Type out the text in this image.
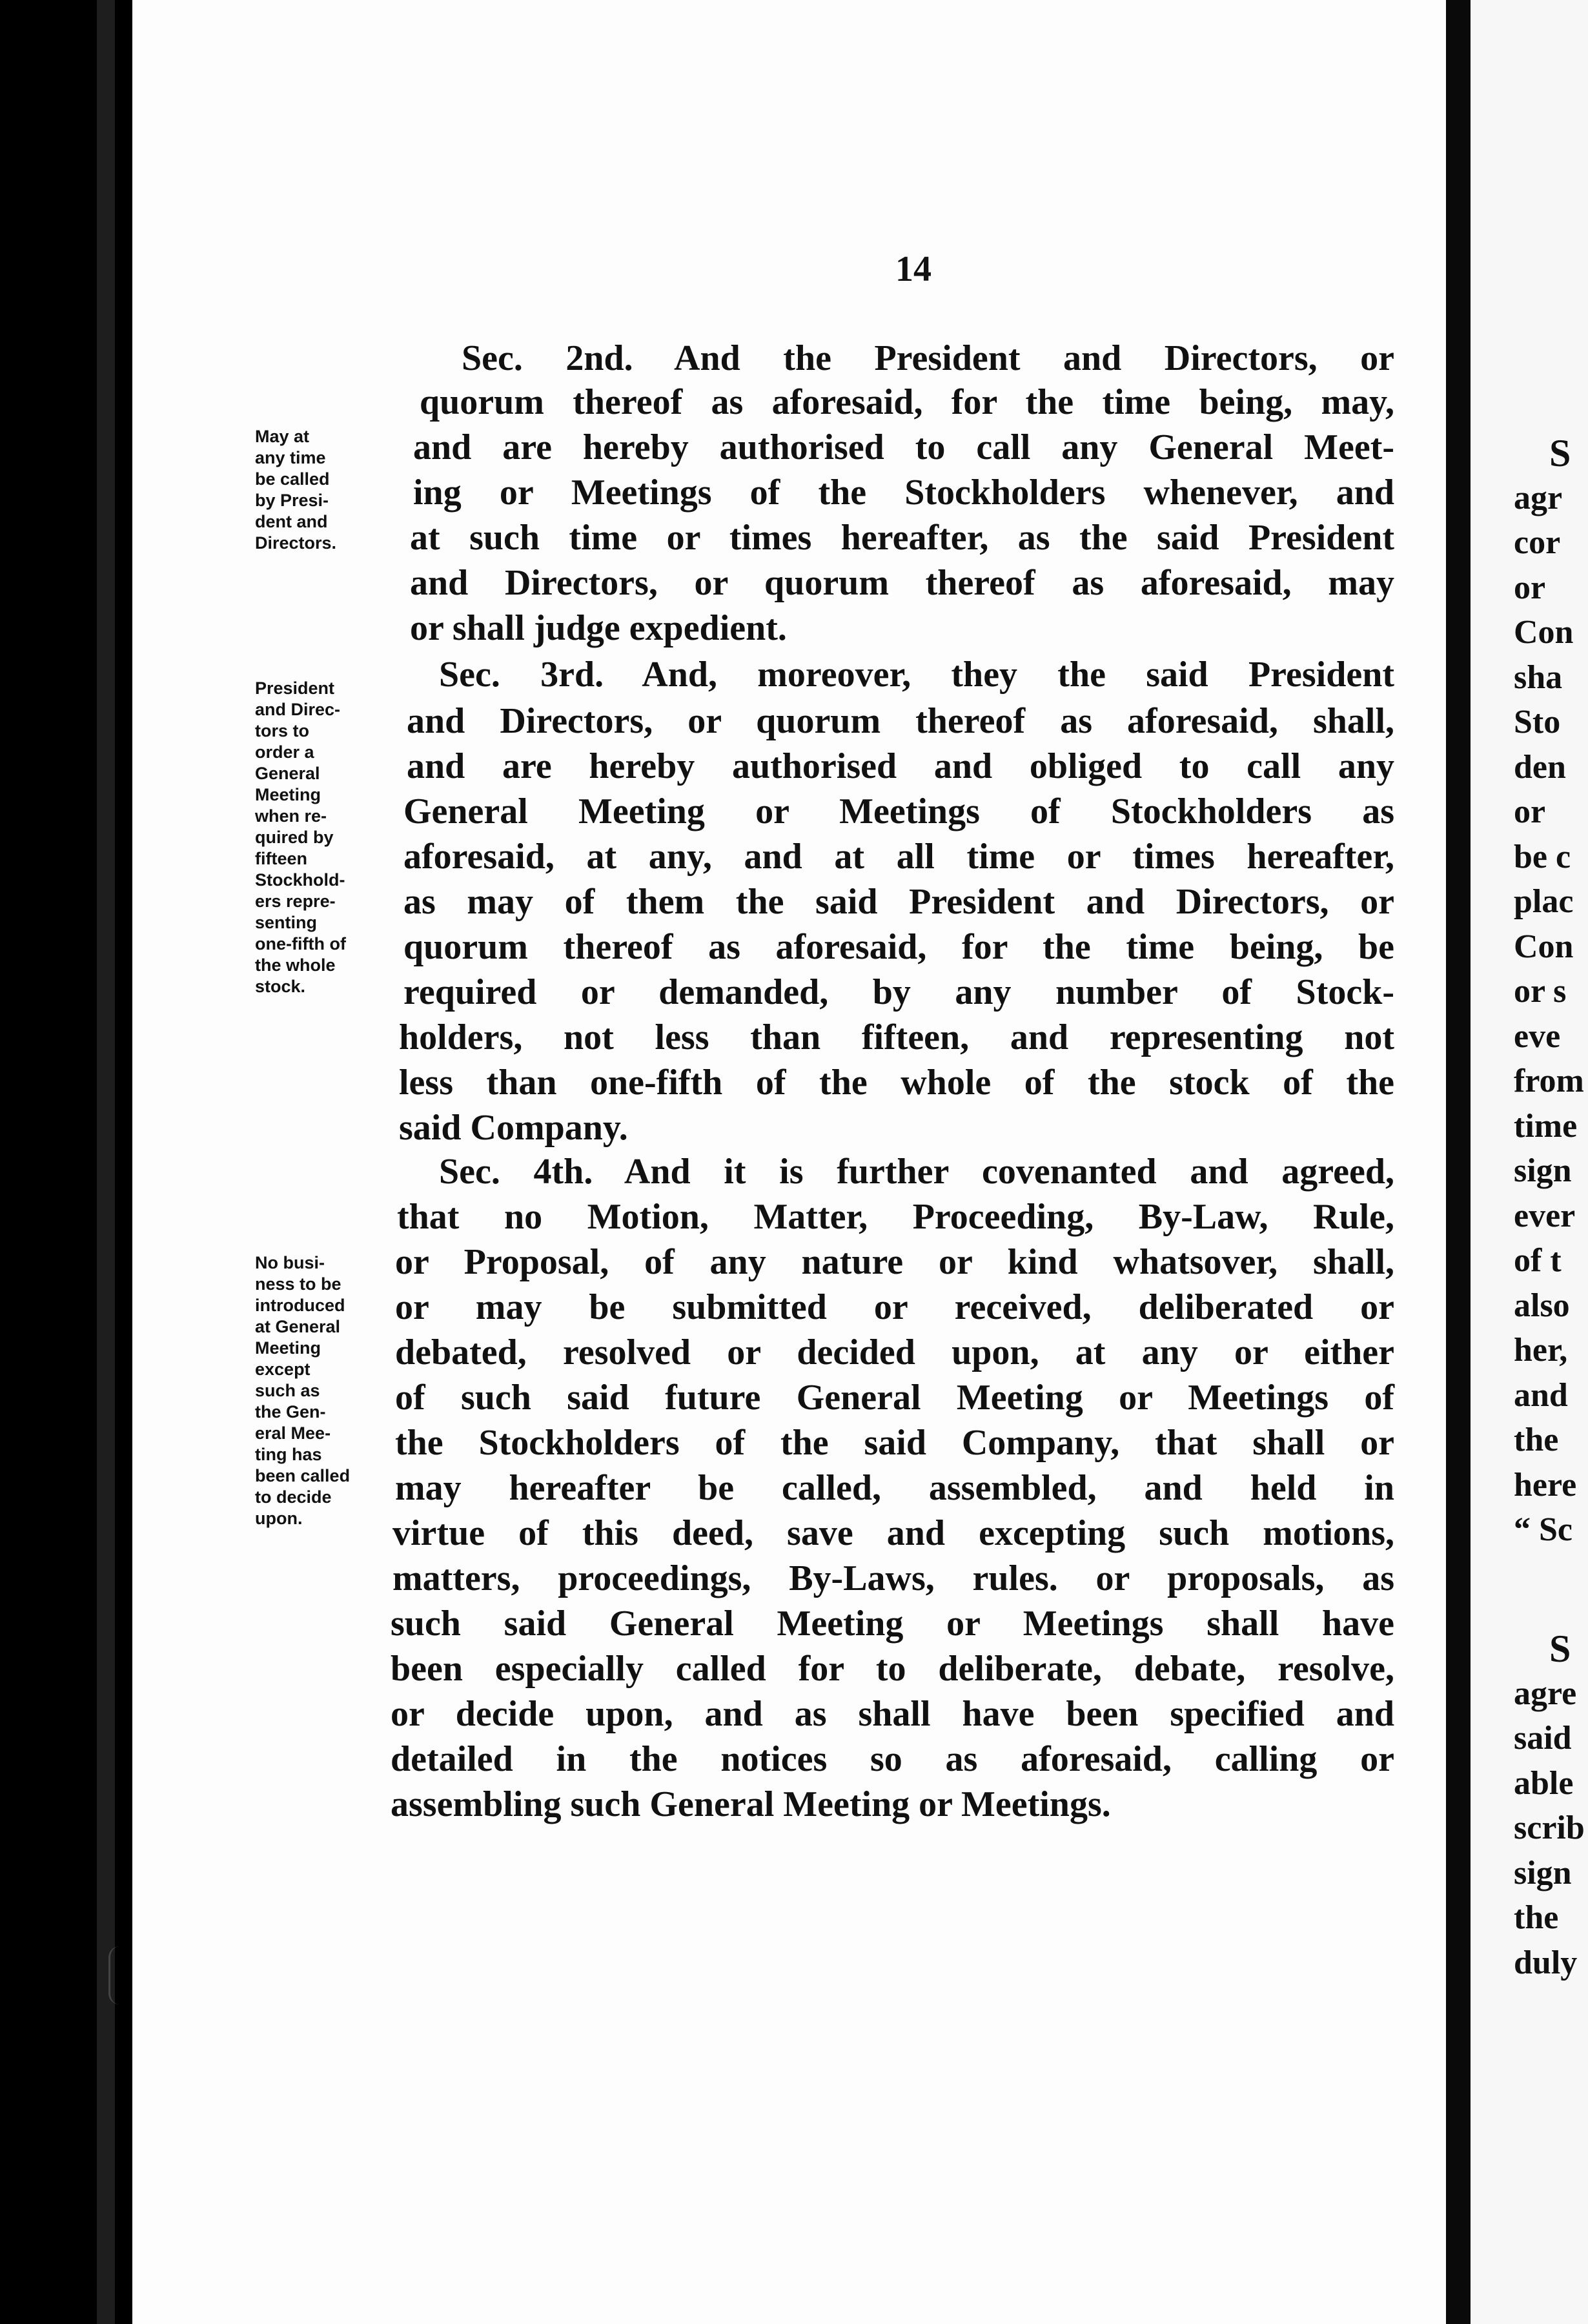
14
Sec. 2nd. And the President and Directors, or
quorum thereof as aforesaid, for the time being, may,
and are hereby authorised to call any General Meet-
ing or Meetings of the Stockholders whenever, and
at such time or times hereafter, as the said President
and Directors, or quorum thereof as aforesaid, may
or shall judge expedient.
Sec. 3rd. And, moreover, they the said President
and Directors, or quorum thereof as aforesaid, shall,
and are hereby authorised and obliged to call any
General Meeting or Meetings of Stockholders as
aforesaid, at any, and at all time or times hereafter,
as may of them the said President and Directors, or
quorum thereof as aforesaid, for the time being, be
required or demanded, by any number of Stock-
holders, not less than fifteen, and representing not
less than one-fifth of the whole of the stock of the
said Company.
Sec. 4th. And it is further covenanted and agreed,
that no Motion, Matter, Proceeding, By-Law, Rule,
or Proposal, of any nature or kind whatsover, shall,
or may be submitted or received, deliberated or
debated, resolved or decided upon, at any or either
of such said future General Meeting or Meetings of
the Stockholders of the said Company, that shall or
may hereafter be called, assembled, and held in
virtue of this deed, save and excepting such motions,
matters, proceedings, By-Laws, rules. or proposals, as
such said General Meeting or Meetings shall have
been especially called for to deliberate, debate, resolve,
or decide upon, and as shall have been specified and
detailed in the notices so as aforesaid, calling or
assembling such General Meeting or Meetings.
May at
any time
be called
by Presi-
dent and
Directors.
President
and Direc-
tors to
order a
General
Meeting
when re-
quired by
fifteen
Stockhold-
ers repre-
senting
one-fifth of
the whole
stock.
No busi-
ness to be
introduced
at General
Meeting
except
such as
the Gen-
eral Mee-
ting has
been called
to decide
upon.
S
agr
cor
or
Con
sha
Sto
den
or
be c
plac
Con
or s
eve
from
time
sign
ever
of t
also
her,
and
the
here
“ Sc
S
agre
said
able
scrib
sign
the
duly
